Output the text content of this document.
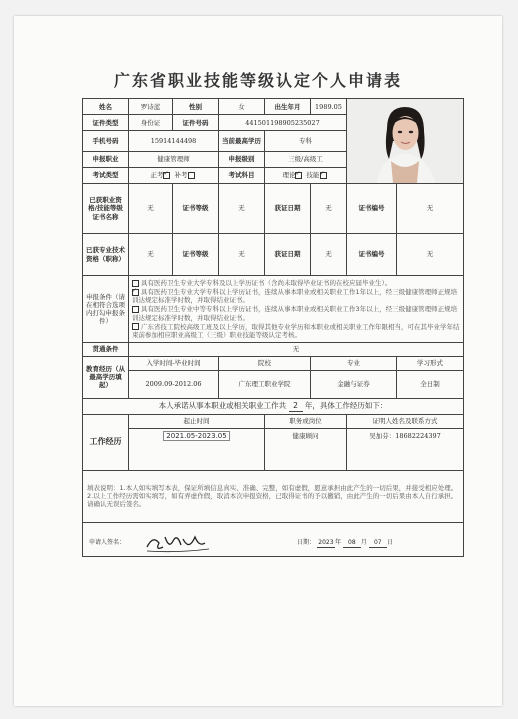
广东省职业技能等级认定个人申请表
姓名	罗诗蓝	性别	女	出生年月	1989.05	

证件类型	身份证	证件号码	441501198905235027				
手机号码	15914144498		当前最高学历	专科			
申报职业	健康管理师		申报级别	三级/高级工			
考试类型	正考 ✓ 补考		考试科目	理论 ✓ 技能✓
已获职业资格/技能等级证书名称	无	证书等级	无	获证日期	无	证书编号	无
已获专业技术资格（职称）	无	证书等级	无	获证日期	无	证书编号	无
申报条件（请在相符合选项内打勾申报条件）	具有医药卫生专业大学专科及以上学历证书（含尚未取得毕业证书的在校应届毕业生）。
✓具有医药卫生专业大学专科以上学历证书，连续从事本职业或相关职业工作1年以上，经三级健康管理师正规培训达规定标准学时数，并取得结业证书。
具有医药卫生专业中等专科以上学历证书，连续从事本职业或相关职业工作3年以上，经三级健康管理师正规培训达规定标准学时数，并取得结业证书。
广东省技工院校高级工班及以上学历，取得其他专业学历和本职业或相关职业工作年限相当，可在其毕业学年结束前参加相应职业高级工（三级）职业技能等级认定考核。

贯通条件	无						
教育经历（从最高学历填起）	入学时间-毕业时间		院校		专业		学习形式
	2009.09-2012.06		广东理工职业学院		金融与证券		全日制
本人承诺从事本职业或相关职业工作共 2 年，具体工作经历如下：							
工作经历	起止时间			职务或岗位		证明人姓名及联系方式	
	2021.05-2023.05			健康顾问		吴加芬：18682224397	
填表说明：1.本人如实填写本表，保证所填信息真实、准确、完整，如有虚假，愿意承担由此产生的一切后果，并接受相应处理。2.以上工作经历需如实填写，如有弄虚作假，取消本次申报资格，已取得证书的予以撤销，由此产生的一切后果由本人自行承担。请确认无误后签名。							

申请人签名： 日期： 2023年 08 月 07 日							
